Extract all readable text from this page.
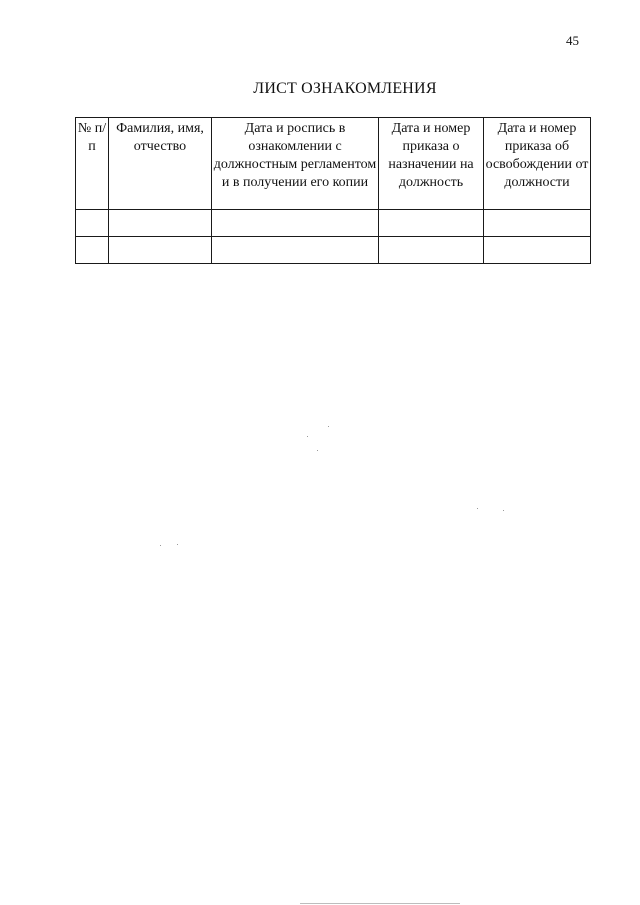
45
ЛИСТ ОЗНАКОМЛЕНИЯ
№ п/п	Фамилия, имя, отчество	Дата и роспись в ознакомлении с должностным регламентом и в получении его копии	Дата и номер приказа о назначении на должность	Дата и номер приказа об освобождении от должности
